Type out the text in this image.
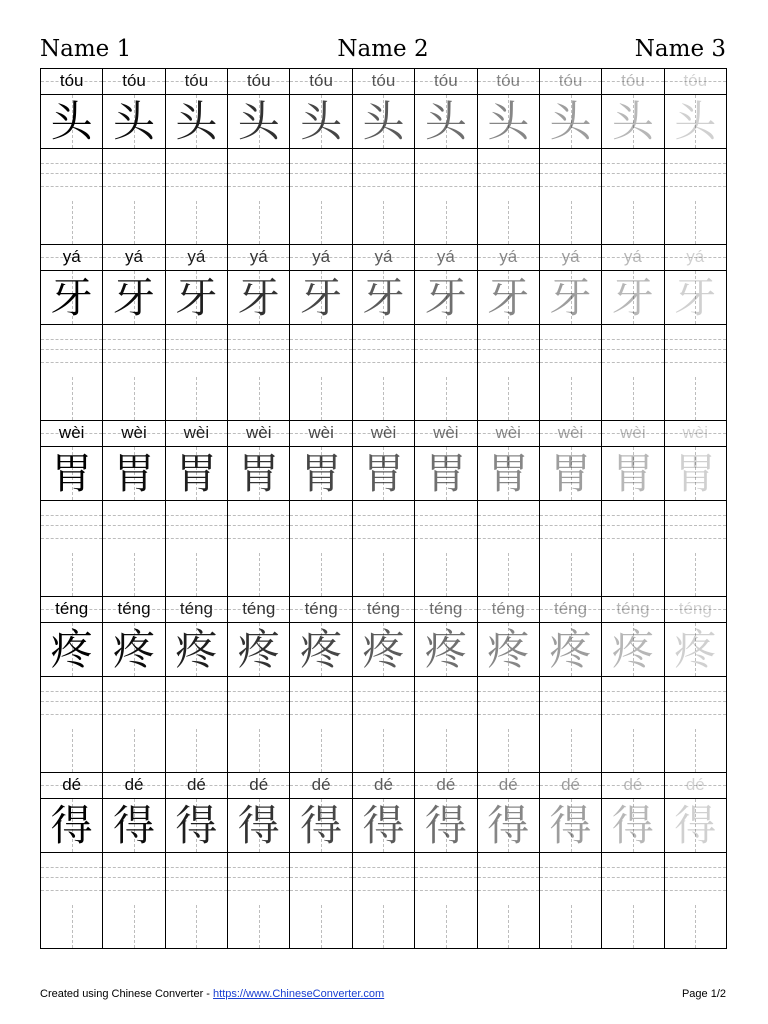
Name 1	Name 2	Name 3
tóu	tóu	tóu	tóu	tóu	tóu	tóu	tóu	tóu	tóu	tóu
头 头 头 头 头 头 头 头 头 头 头
yá	yá	yá	yá	yá	yá	yá	yá	yá	yá	yá
牙 牙 牙 牙 牙 牙 牙 牙 牙 牙 牙
wèi	wèi	wèi	wèi	wèi	wèi	wèi	wèi	wèi	wèi	wèi
胃 胃 胃 胃 胃 胃 胃 胃 胃 胃 胃
téng	téng	téng	téng	téng	téng	téng	téng	téng	téng	téng
疼 疼 疼 疼 疼 疼 疼 疼 疼 疼 疼
dé	dé	dé	dé	dé	dé	dé	dé	dé	dé	dé
得 得 得 得 得 得 得 得 得 得 得
Created using Chinese Converter - https://www.ChineseConverter.com	Page 1/2
